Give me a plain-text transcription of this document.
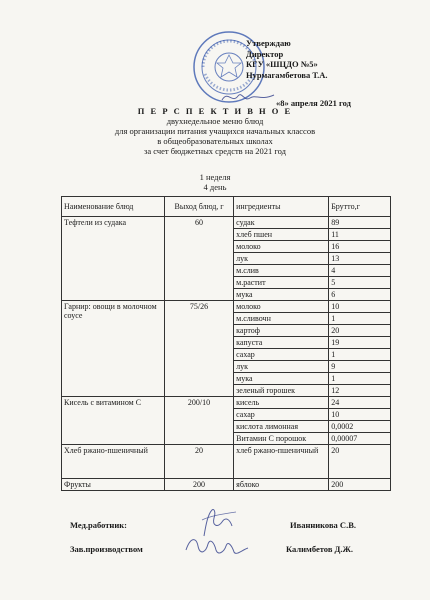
Утверждаю
Директор
КГУ «ШЦДО №5»
Нурмагамбетова Т.А.
«8» апреля 2021 год
П Е Р С П Е К Т И В Н О Е
двухнедельное меню блюд
для организации питания учащихся начальных классов
в общеобразовательных школах
за счет бюджетных средств на 2021 год
1 неделя
4 день
Наименование блюд	Выход блюд, г	ингредиенты	Брутто,г
Тефтели из судака	60	судак	89
		хлеб пшен	11
		молоко	16
		лук	13
		м.слив	4
		м.растит	5
		мука	6
Гарнир: овощи в молочном соусе	75/26	молоко	10
		м.сливочн	1
		картоф	20
		капуста	19
		сахар	1
		лук	9
		мука	1
		зеленый горошек	12
Кисель с витамином С	200/10	кисель	24
		сахар	10
		кислота лимонная	0,0002
		Витамин С порошок	0,00007
Хлеб ржано-пшеничный	20	хлеб ржано-пшеничный	20
Фрукты	200	яблоко	200
Мед.работник:	Иванникова С.В.
Зав.производством	Калимбетов Д.Ж.
